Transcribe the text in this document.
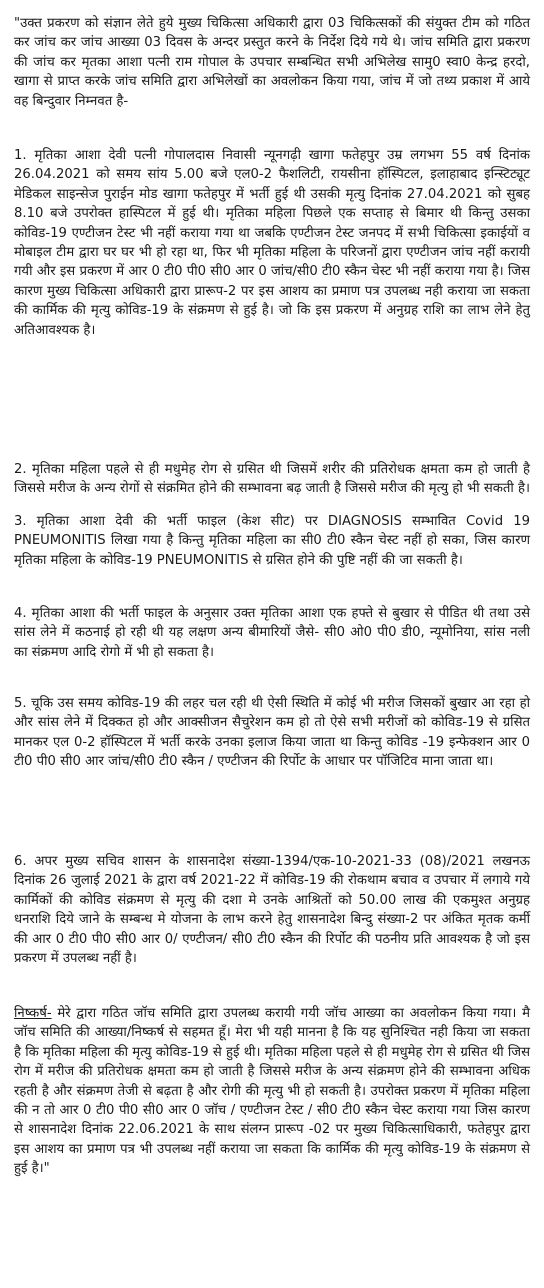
"उक्त प्रकरण को संज्ञान लेते हुये मुख्य चिकित्सा अधिकारी द्वारा 03 चिकित्सकों की संयुक्त टीम को गठित कर जांच कर जांच आख्या 03 दिवस के अन्दर प्रस्तुत करने के निर्देश दिये गये थे। जांच समिति द्वारा प्रकरण की जांच कर मृतका आशा पत्नी राम गोपाल के उपचार सम्बन्धित सभी अभिलेख सामु0 स्वा0 केन्द्र हरदो, खागा से प्राप्त करके जांच समिति द्वारा अभिलेखों का अवलोकन किया गया, जांच में जो तथ्य प्रकाश में आये वह बिन्दुवार निम्नवत है-

1. मृतिका आशा देवी पत्नी गोपालदास निवासी न्यूनगढ़ी खागा फतेहपुर उम्र लगभग 55 वर्ष दिनांक 26.04.2021 को समय सांय 5.00 बजे एल0-2 फैशलिटी, रायसीना हॉस्पिटल, इलाहाबाद इन्स्टिट्यूट मेडिकल साइन्सेज पुराईन मोड खागा फतेहपुर में भर्ती हुई थी उसकी मृत्यु दिनांक 27.04.2021 को सुबह 8.10 बजे उपरोक्त हास्पिटल में हुई थी। मृतिका महिला पिछले एक सप्ताह से बिमार थी किन्तु उसका कोविड-19 एण्टीजन टेस्ट भी नहीं कराया गया था जबकि एण्टीजन टेस्ट जनपद में सभी चिकित्सा इकाईयों व मोबाइल टीम द्वारा घर घर भी हो रहा था, फिर भी मृतिका महिला के परिजनों द्वारा एण्टीजन जांच नहीं करायी गयी और इस प्रकरण में आर 0 टी0 पी0 सी0 आर 0 जांच/सी0 टी0 स्कैन चेस्ट भी नहीं कराया गया है। जिस कारण मुख्य चिकित्सा अधिकारी द्वारा प्रारूप-2 पर इस आशय का प्रमाण पत्र उपलब्ध नही कराया जा सकता की कार्मिक की मृत्यु कोविड-19 के संक्रमण से हुई है। जो कि इस प्रकरण में अनुग्रह राशि का लाभ लेने हेतु अतिआवश्यक है।

2. मृतिका महिला पहले से ही मधुमेह रोग से ग्रसित थी जिसमें शरीर की प्रतिरोधक क्षमता कम हो जाती है जिससे मरीज के अन्य रोगों से संक्रमित होने की सम्भावना बढ़ जाती है जिससे मरीज की मृत्यु हो भी सकती है।

3. मृतिका आशा देवी की भर्ती फाइल (केश सीट) पर DIAGNOSIS सम्भावित Covid 19 PNEUMONITIS लिखा गया है किन्तु मृतिका महिला का सी0 टी0 स्कैन चेस्ट नहीं हो सका, जिस कारण मृतिका महिला के कोविड-19 PNEUMONITIS से ग्रसित होने की पुष्टि नहीं की जा सकती है।

4. मृतिका आशा की भर्ती फाइल के अनुसार उक्त मृतिका आशा एक हफ्ते से बुखार से पीडित थी तथा उसे सांस लेने में कठनाई हो रही थी यह लक्षण अन्य बीमारियों जैसे- सी0 ओ0 पी0 डी0, न्यूमोनिया, सांस नली का संक्रमण आदि रोगो में भी हो सकता है।

5. चूकि उस समय कोविड-19 की लहर चल रही थी ऐसी स्थिति में कोई भी मरीज जिसकों बुखार आ रहा हो और सांस लेने में दिक्कत हो और आक्सीजन सैचुरेशन कम हो तो ऐसे सभी मरीजों को कोविड-19 से ग्रसित मानकर एल 0-2 हॉस्पिटल में भर्ती करके उनका इलाज किया जाता था किन्तु कोविड -19 इन्फेक्शन आर 0 टी0 पी0 सी0 आर जांच/सी0 टी0 स्कैन / एण्टीजन की रिर्पोट के आधार पर पॉजिटिव माना जाता था।

6. अपर मुख्य सचिव शासन के शासनादेश संख्या-1394/एक-10-2021-33 (08)/2021 लखनऊ दिनांक 26 जुलाई 2021 के द्वारा वर्ष 2021-22 में कोविड-19 की रोकथाम बचाव व उपचार में लगाये गये कार्मिकों की कोविड संक्रमण से मृत्यु की दशा मे उनके आश्रितों को 50.00 लाख की एकमुश्त अनुग्रह धनराशि दिये जाने के सम्बन्ध मे योजना के लाभ करने हेतु शासनादेश बिन्दु संख्या-2 पर अंकित मृतक कर्मी की आर 0 टी0 पी0 सी0 आर 0/ एण्टीजन/ सी0 टी0 स्कैन की रिर्पोट की पठनीय प्रति आवश्यक है जो इस प्रकरण में उपलब्ध नहीं है।

निष्कर्ष- मेरे द्वारा गठित जॉच समिति द्वारा उपलब्ध करायी गयी जॉच आख्या का अवलोकन किया गया। मै जॉच समिति की आख्या/निष्कर्ष से सहमत हूँ। मेरा भी यही मानना है कि यह सुनिश्चित नही किया जा सकता है कि मृतिका महिला की मृत्यु कोविड-19 से हुई थी। मृतिका महिला पहले से ही मधुमेह रोग से ग्रसित थी जिस रोग में मरीज की प्रतिरोधक क्षमता कम हो जाती है जिससे मरीज के अन्य संक्रमण होने की सम्भावना अधिक रहती है और संक्रमण तेजी से बढ़ता है और रोगी की मृत्यु भी हो सकती है। उपरोक्त प्रकरण में मृतिका महिला की न तो आर 0 टी0 पी0 सी0 आर 0 जॉच / एण्टीजन टेस्ट / सी0 टी0 स्कैन चेस्ट कराया गया जिस कारण से शासनादेश दिनांक 22.06.2021 के साथ संलग्न प्रारूप -02 पर मुख्य चिकित्साधिकारी, फतेहपुर द्वारा इस आशय का प्रमाण पत्र भी उपलब्ध नहीं कराया जा सकता कि कार्मिक की मृत्यु कोविड-19 के संक्रमण से हुई है।"
